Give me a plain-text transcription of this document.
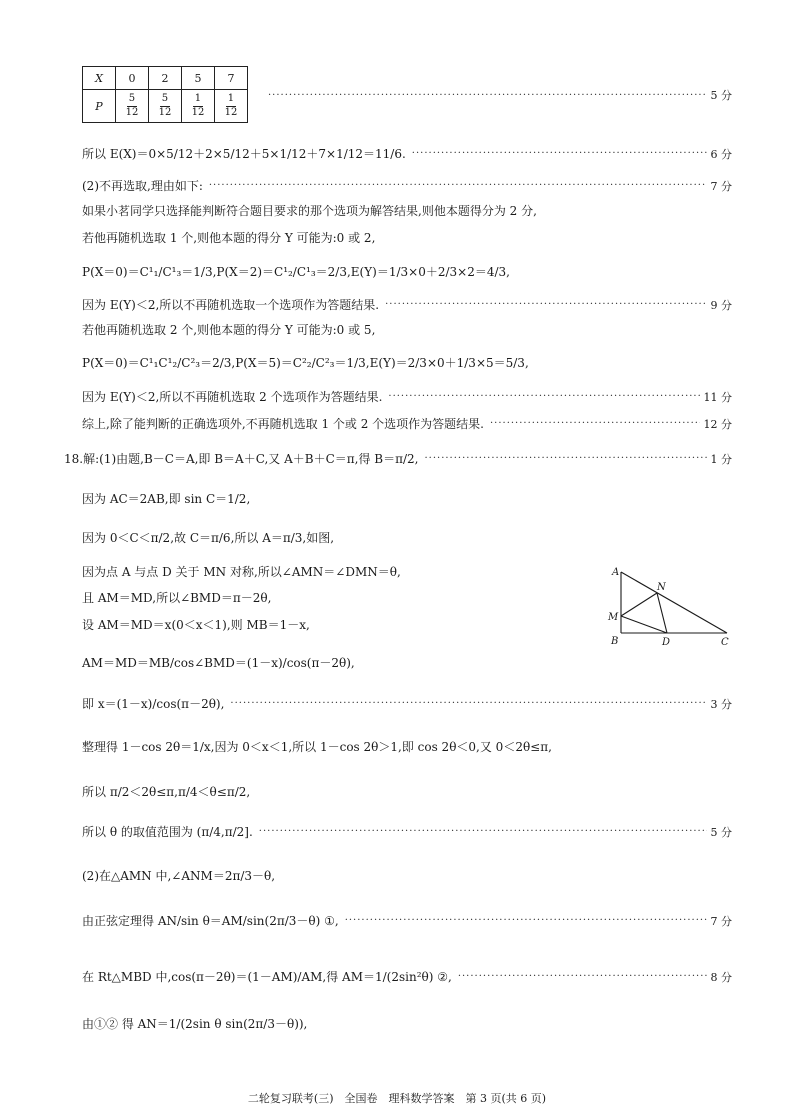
X	0	2	5	7
P	$\frac{5}{12}$	$\frac{5}{12}$	$\frac{1}{12}$	$\frac{1}{12}$ ·····	5 分
所以 E(X)＝0×5/12＋2×5/12＋5×1/12＋7×1/12＝11/6. ·····	6 分
(2)不再选取,理由如下: ·····	7 分
如果小茗同学只选择能判断符合题目要求的那个选项为解答结果,则他本题得分为 2 分,
若他再随机选取 1 个,则他本题的得分 Y 可能为:0 或 2,
P(X＝0)＝C¹₁/C¹₃＝1/3,P(X＝2)＝C¹₂/C¹₃＝2/3,E(Y)＝1/3×0＋2/3×2＝4/3,
因为 E(Y)＜2,所以不再随机选取一个选项作为答题结果. ·····	9 分
若他再随机选取 2 个,则他本题的得分 Y 可能为:0 或 5,
P(X＝0)＝C¹₁C¹₂/C²₃＝2/3,P(X＝5)＝C²₂/C²₃＝1/3,E(Y)＝2/3×0＋1/3×5＝5/3,
因为 E(Y)＜2,所以不再随机选取 2 个选项作为答题结果. ·····	11 分
综上,除了能判断的正确选项外,不再随机选取 1 个或 2 个选项作为答题结果. ·····	12 分
18.解:(1)由题,B－C＝A,即 B＝A＋C,又 A＋B＋C＝π,得 B＝π/2, ·····	1 分
因为 AC＝2AB,即 sin C＝1/2,
因为 0＜C＜π/2,故 C＝π/6,所以 A＝π/3,如图,
因为点 A 与点 D 关于 MN 对称,所以∠AMN＝∠DMN＝θ,
且 AM＝MD,所以∠BMD＝π－2θ,
设 AM＝MD＝x(0＜x＜1),则 MB＝1－x,
AM＝MD＝MB/cos∠BMD＝(1－x)/cos(π－2θ),
即 x＝(1－x)/cos(π－2θ), ·····	3 分
整理得 1－cos 2θ＝1/x,因为 0＜x＜1,所以 1－cos 2θ＞1,即 cos 2θ＜0,又 0＜2θ≤π,
所以 π/2＜2θ≤π,π/4＜θ≤π/2,
所以 θ 的取值范围为 (π/4,π/2]. ·····	5 分
(2)在△AMN 中,∠ANM＝2π/3－θ,
由正弦定理得 AN/sin θ＝AM/sin(2π/3－θ) ①, ·····	7 分
在 Rt△MBD 中,cos(π－2θ)＝(1－AM)/AM,得 AM＝1/(2sin²θ) ②, ·····	8 分
由①② 得 AN＝1/(2sin θ sin(2π/3－θ)),
A
B	C
D
M
N
二轮复习联考(三)　全国卷　理科数学答案　第 3 页(共 6 页)
